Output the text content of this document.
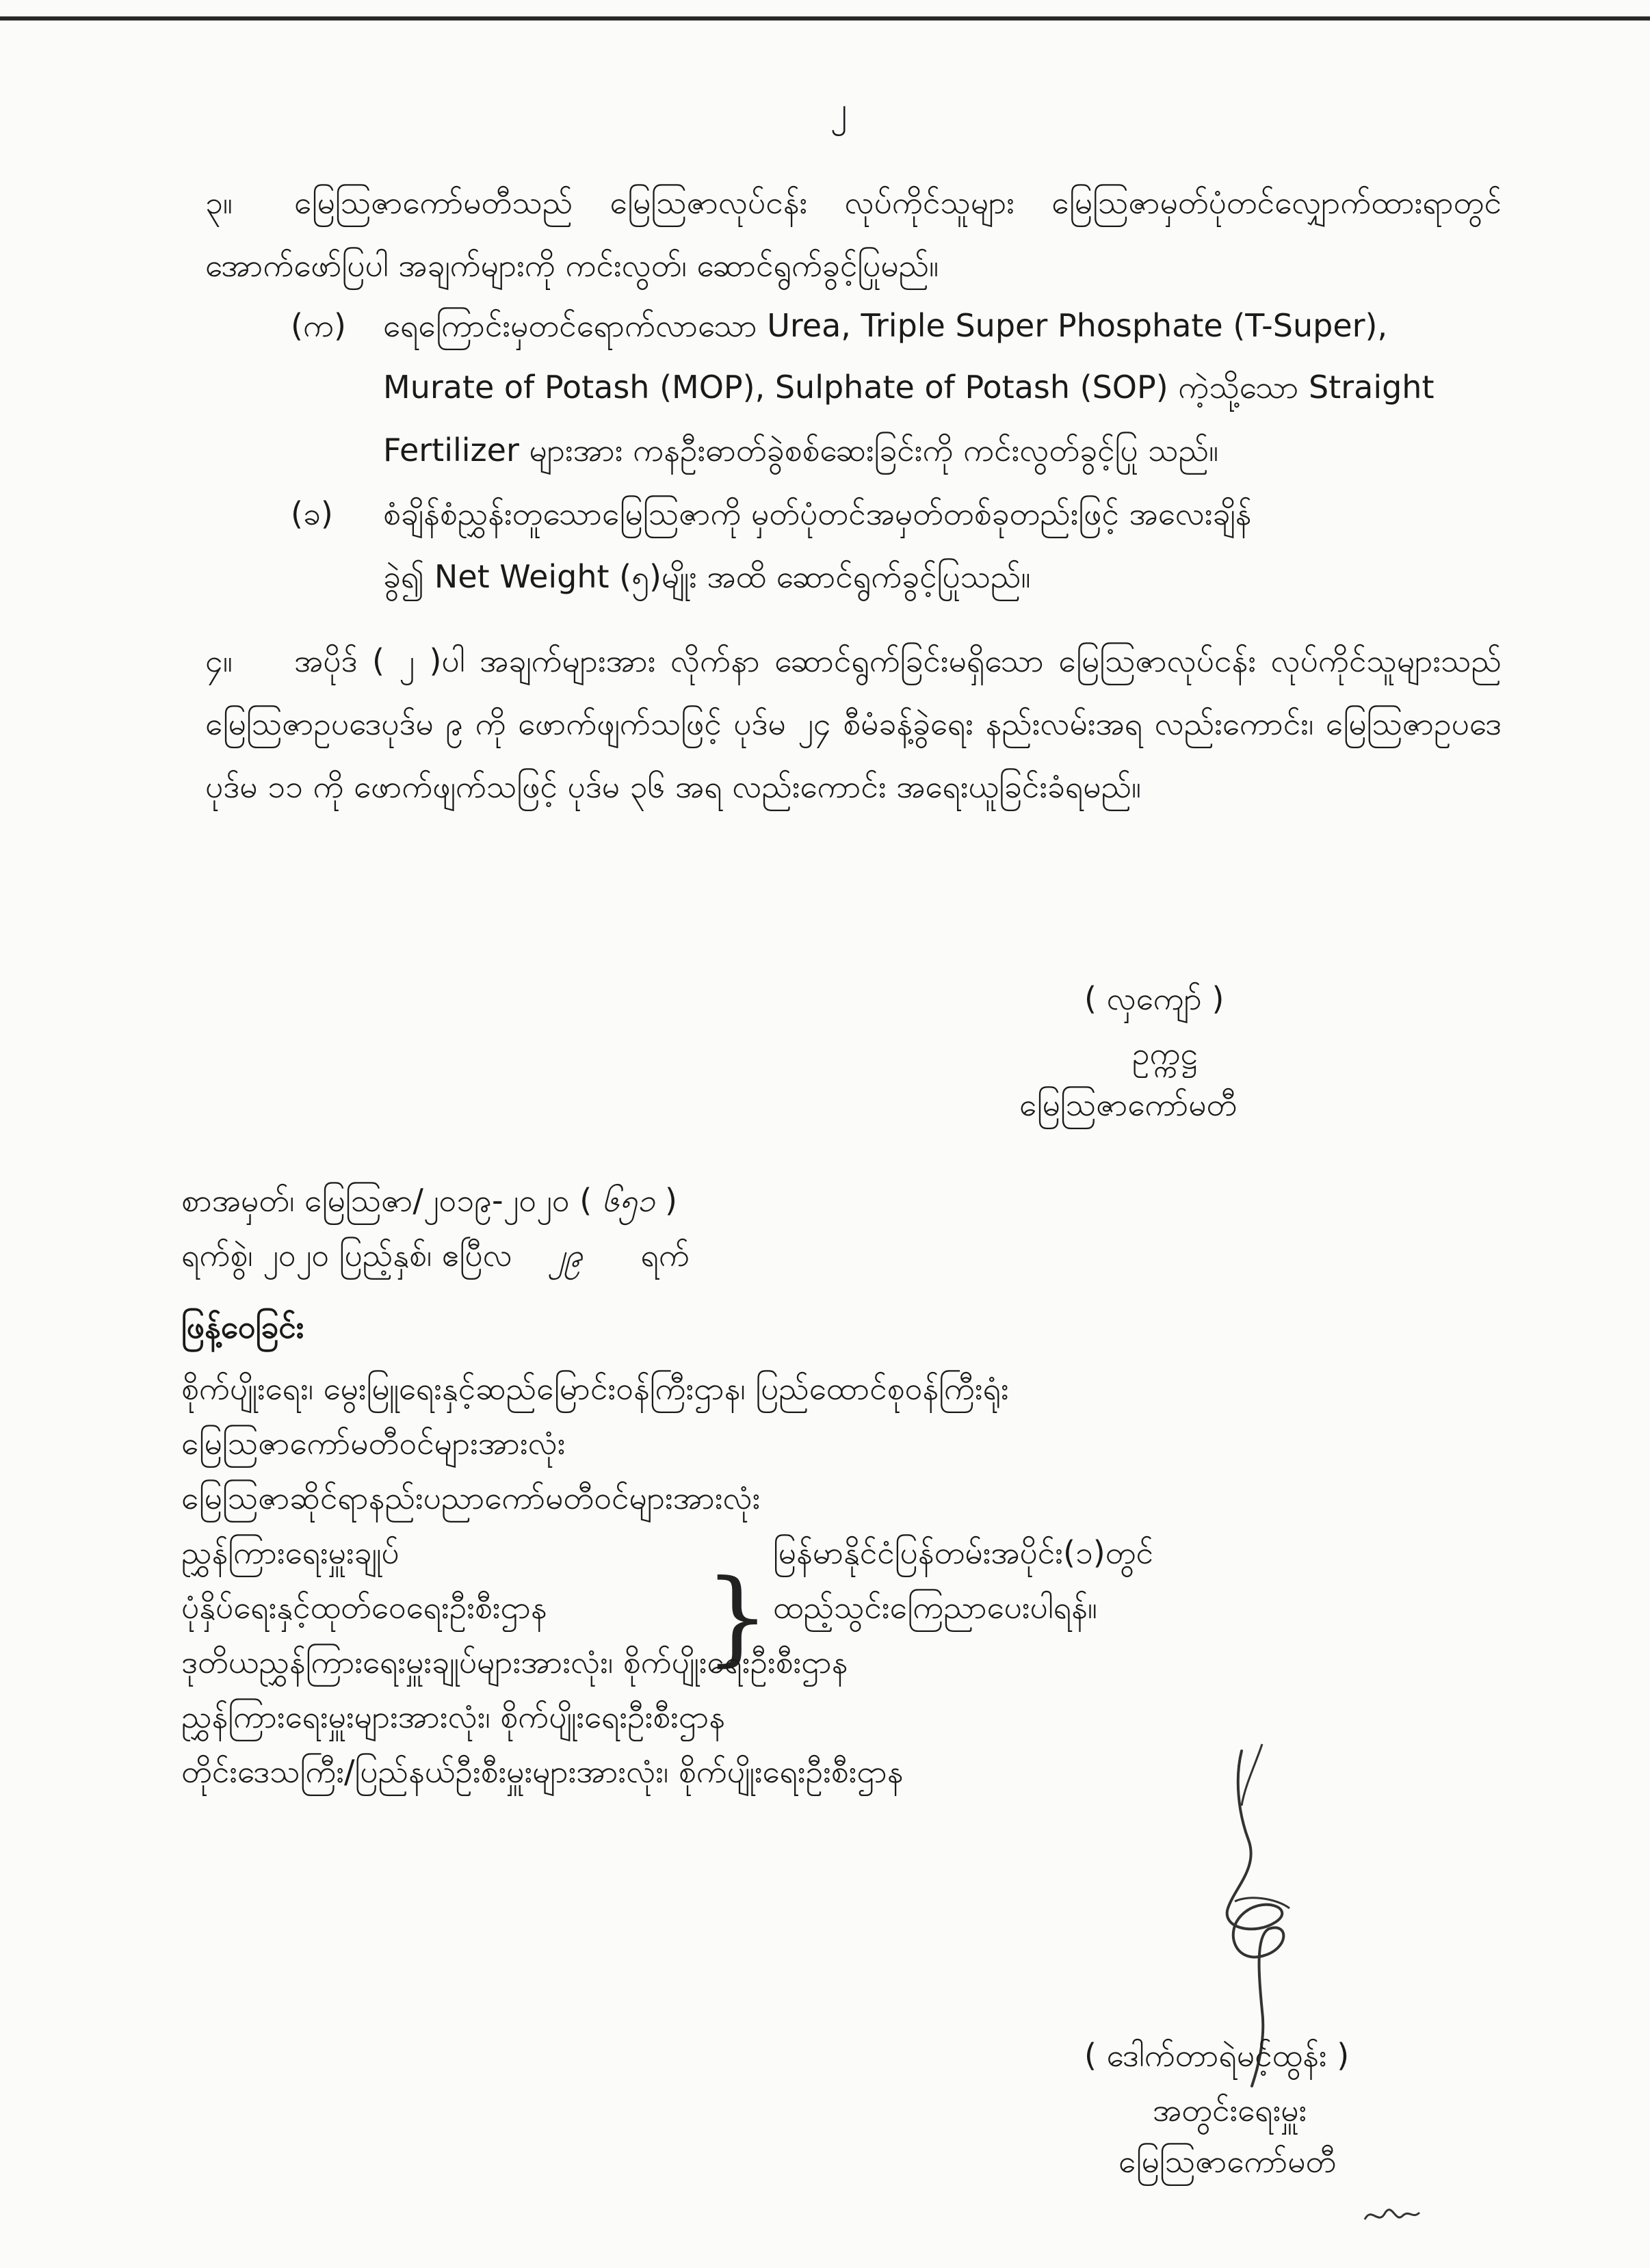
၂
၃။	မြေသြဇာကော်မတီသည် မြေသြဇာလုပ်ငန်း လုပ်ကိုင်သူများ မြေသြဇာမှတ်ပုံတင်လျှောက်ထားရာတွင် အောက်ဖော်ပြပါ အချက်များကို ကင်းလွတ်၊ ဆောင်ရွက်ခွင့်ပြုမည်။
(က) ရေကြောင်းမှတင်ရောက်လာသော Urea, Triple Super Phosphate (T-Super),
Murate of Potash (MOP), Sulphate of Potash (SOP) ကဲ့သို့သော Straight
Fertilizer များအား ကနဦးဓာတ်ခွဲစစ်ဆေးခြင်းကို ကင်းလွတ်ခွင့်ပြု သည်။
(ခ) စံချိန်စံညွှန်းတူသောမြေသြဇာကို မှတ်ပုံတင်အမှတ်တစ်ခုတည်းဖြင့် အလေးချိန်
ခွဲ၍ Net Weight (၅)မျိုး အထိ ဆောင်ရွက်ခွင့်ပြုသည်။
၄။	အပိုဒ် ( ၂ )ပါ အချက်များအား လိုက်နာ ဆောင်ရွက်ခြင်းမရှိသော မြေသြဇာလုပ်ငန်း လုပ်ကိုင်သူများသည် မြေသြဇာဥပဒေပုဒ်မ ၉ ကို ဖောက်ဖျက်သဖြင့် ပုဒ်မ ၂၄ စီမံခန့်ခွဲရေး နည်းလမ်းအရ လည်းကောင်း၊ မြေသြဇာဥပဒေပုဒ်မ ၁၁ ကို ဖောက်ဖျက်သဖြင့် ပုဒ်မ ၃၆ အရ လည်းကောင်း အရေးယူခြင်းခံရမည်။
( လှကျော် )
ဥက္ကဋ္ဌ
မြေသြဇာကော်မတီ
စာအမှတ်၊ မြေသြဇာ/၂၀၁၉-၂၀၂၀ ( ၆၅၁ )
ရက်စွဲ၊ ၂၀၂၀ ပြည့်နှစ်၊ ဧပြီလ ၂၉ ရက်
ဖြန့်ဝေခြင်း
စိုက်ပျိုးရေး၊ မွေးမြူရေးနှင့်ဆည်မြောင်းဝန်ကြီးဌာန၊ ပြည်ထောင်စုဝန်ကြီးရုံး
မြေသြဇာကော်မတီဝင်များအားလုံး
မြေသြဇာဆိုင်ရာနည်းပညာကော်မတီဝင်များအားလုံး
ညွှန်ကြားရေးမှူးချုပ်
ပုံနှိပ်ရေးနှင့်ထုတ်ဝေရေးဦးစီးဌာန }
မြန်မာနိုင်ငံပြန်တမ်းအပိုင်း(၁)တွင်
ထည့်သွင်းကြေညာပေးပါရန်။
ဒုတိယညွှန်ကြားရေးမှူးချုပ်များအားလုံး၊ စိုက်ပျိုးရေးဦးစီးဌာန
ညွှန်ကြားရေးမှူးများအားလုံး၊ စိုက်ပျိုးရေးဦးစီးဌာန
တိုင်းဒေသကြီး/ပြည်နယ်ဦးစီးမှူးများအားလုံး၊ စိုက်ပျိုးရေးဦးစီးဌာန
( ဒေါက်တာရဲမင့်ထွန်း )
အတွင်းရေးမှူး
မြေသြဇာကော်မတီ
